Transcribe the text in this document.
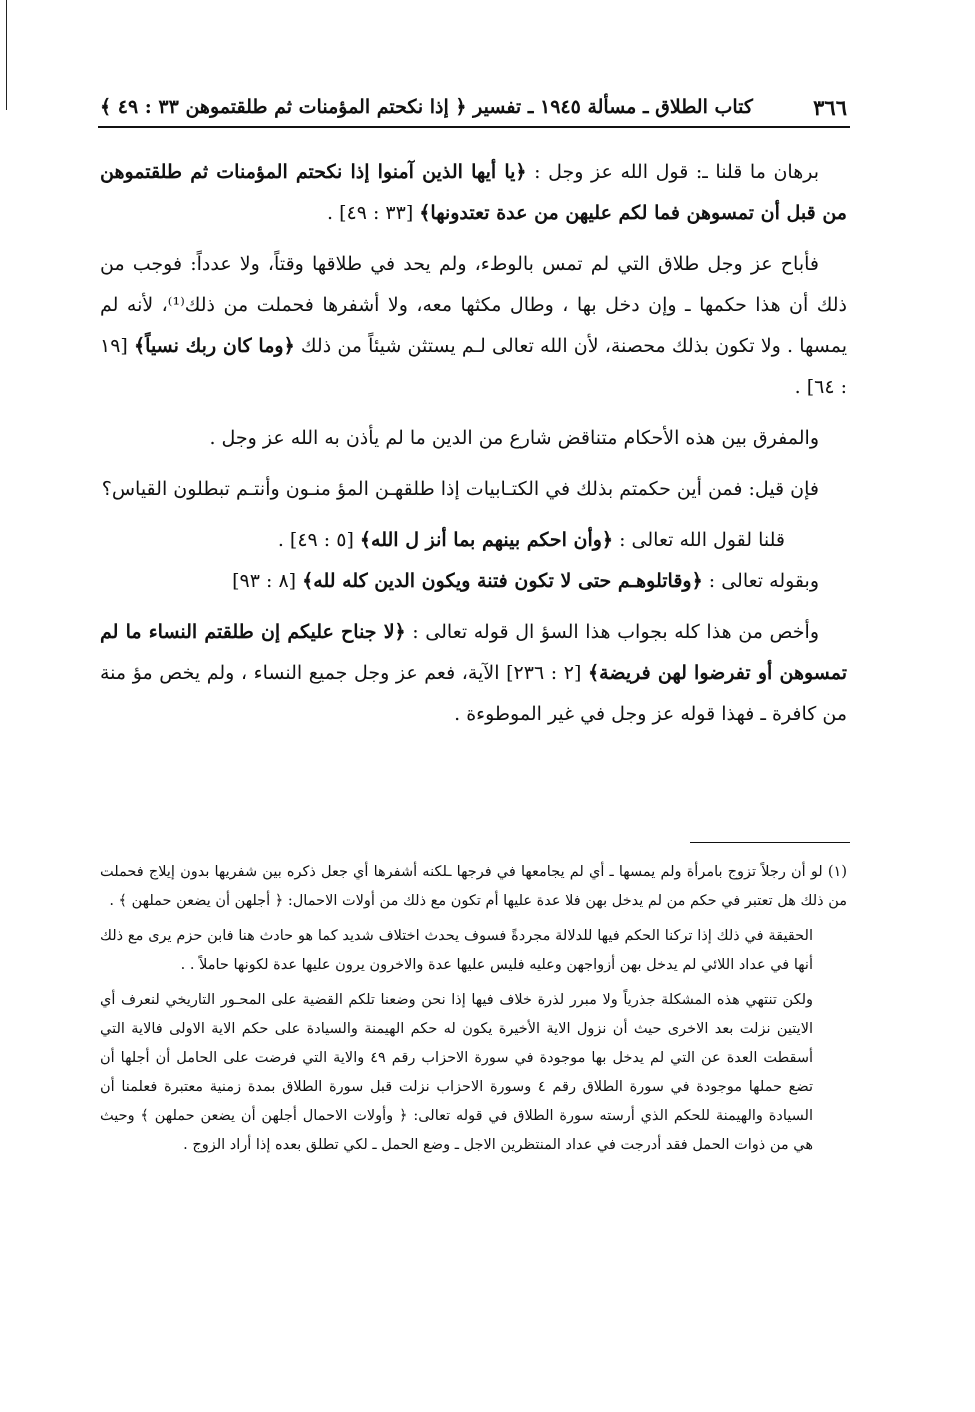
٣٦٦
كتاب الطلاق ـ مسألة ١٩٤٥ ـ تفسير ﴿ إذا نكحتم المؤمنات ثم طلقتموهن ٣٣ : ٤٩ ﴾

برهان ما قلنا ـ: قول الله عز وجل : ﴿يا أيها الذين آمنوا إذا نكحتم المؤمنات ثم طلقتموهن من قبل أن تمسوهن فما لكم عليهن من عدة تعتدونها﴾ [٣٣ : ٤٩] .

فأباح عز وجل طلاق التي لم تمس بالوطء، ولم يحد في طلاقها وقتاً، ولا عدداً: فوجب من ذلك أن هذا حكمها ـ وإن دخل بها ، وطال مكثها معه، ولا أشفرها فحملت من ذلك⁽¹⁾، لأنه لم يمسها . ولا تكون بذلك محصنة، لأن الله تعالى لـم يستثن شيئاً من ذلك ﴿وما كان ربك نسياً﴾ [١٩ : ٦٤] .

والمفرق بين هذه الأحكام متناقض شارع من الدين ما لم يأذن به الله عز وجل .

فإن قيل: فمن أين حكمتم بذلك في الكتـابيات إذا طلقهـن المؤ منـون وأنتـم تبطلون القياس؟

قلنا لقول الله تعالى : ﴿وأن احكم بينهم بما أنز ل الله﴾ [٥ : ٤٩] .

وبقوله تعالى : ﴿وقاتلوهـم حتى لا تكون فتنة ويكون الدين كله لله﴾ [٨ : ٩٣]

وأخص من هذا كله بجواب هذا السؤ ال قوله تعالى : ﴿لا جناح عليكم إن طلقتم النساء ما لم تمسوهن أو تفرضوا لهن فريضة﴾ [٢ : ٢٣٦] الآية، فعم عز وجل جميع النساء ، ولم يخص مؤ منة من كافرة ـ فهذا قوله عز وجل في غير الموطوءة .

(١) لو أن رجلاً تزوج بامرأة ولم يمسها ـ أي لم يجامعها في فرجها ـلكنه أشفرها أي جعل ذكره بين شفريها بدون إيلاج فحملت من ذلك هل تعتبر في حكم من لم يدخل بهن فلا عدة عليها أم تكون مع ذلك من أولات الاحمال: ﴿ أجلهن أن يضعن حملهن ﴾ .

الحقيقة في ذلك إذا تركنا الحكم فيها للدلالة مجردةً فسوف يحدث اختلاف شديد كما هو حادث هنا فابن حزم يرى مع ذلك أنها في عداد اللائي لم يدخل بهن أزواجهن وعليه فليس عليها عدة والاخرون يرون عليها عدة لكونها حاملاً . .

ولكن تنتهي هذه المشكلة جذرياً ولا مبرر لذرة خلاف فيها إذا نحن وضعنا تلكم القضية على المحـور التاريخي لنعرف أي الايتين نزلت بعد الاخرى حيث أن نزول الاية الأخيرة يكون له حكم الهيمنة والسيادة على حكم الاية الاولى فالاية التي أسقطت العدة عن التي لم يدخل بها موجودة في سورة الاحزاب رقم ٤٩ والاية التي فرضت على الحامل أن أجلها أن تضع حملها موجودة في سورة الطلاق رقم ٤ وسورة الاحزاب نزلت قبل سورة الطلاق بمدة زمنية معتبرة فعلمنا أن السيادة والهيمنة للحكم الذي أرسته سورة الطلاق في قوله تعالى: ﴿ وأولات الاحمال أجلهن أن يضعن حملهن ﴾ وحيث هي من ذوات الحمل فقد أدرجت في عداد المنتظرين الاجل ـ وضع الحمل ـ لكي تطلق بعده إذا أراد الزوج .
